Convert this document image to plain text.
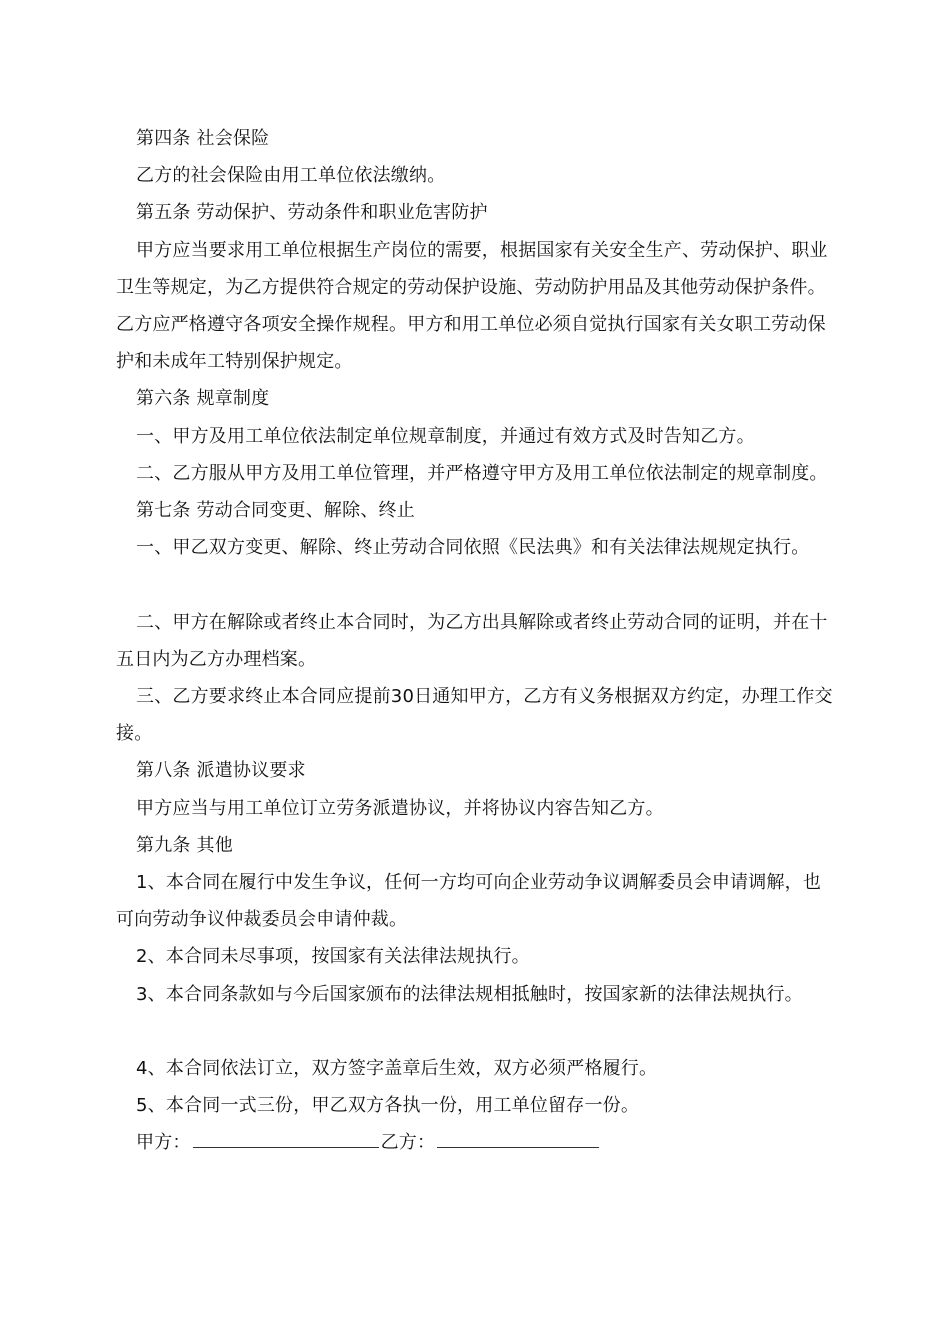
第四条 社会保险

乙方的社会保险由用工单位依法缴纳。

第五条 劳动保护、劳动条件和职业危害防护

甲方应当要求用工单位根据生产岗位的需要，根据国家有关安全生产、劳动保护、职业卫生等规定，为乙方提供符合规定的劳动保护设施、劳动防护用品及其他劳动保护条件。乙方应严格遵守各项安全操作规程。甲方和用工单位必须自觉执行国家有关女职工劳动保护和未成年工特别保护规定。

第六条 规章制度

一、甲方及用工单位依法制定单位规章制度，并通过有效方式及时告知乙方。

二、乙方服从甲方及用工单位管理，并严格遵守甲方及用工单位依法制定的规章制度。

第七条 劳动合同变更、解除、终止

一、甲乙双方变更、解除、终止劳动合同依照《民法典》和有关法律法规规定执行。

二、甲方在解除或者终止本合同时，为乙方出具解除或者终止劳动合同的证明，并在十五日内为乙方办理档案。

三、乙方要求终止本合同应提前30日通知甲方，乙方有义务根据双方约定，办理工作交接。

第八条 派遣协议要求

甲方应当与用工单位订立劳务派遣协议，并将协议内容告知乙方。

第九条 其他

1、本合同在履行中发生争议，任何一方均可向企业劳动争议调解委员会申请调解，也可向劳动争议仲裁委员会申请仲裁。

2、本合同未尽事项，按国家有关法律法规执行。

3、本合同条款如与今后国家颁布的法律法规相抵触时，按国家新的法律法规执行。

4、本合同依法订立，双方签字盖章后生效，双方必须严格履行。

5、本合同一式三份，甲乙双方各执一份，用工单位留存一份。

甲方：	乙方：
